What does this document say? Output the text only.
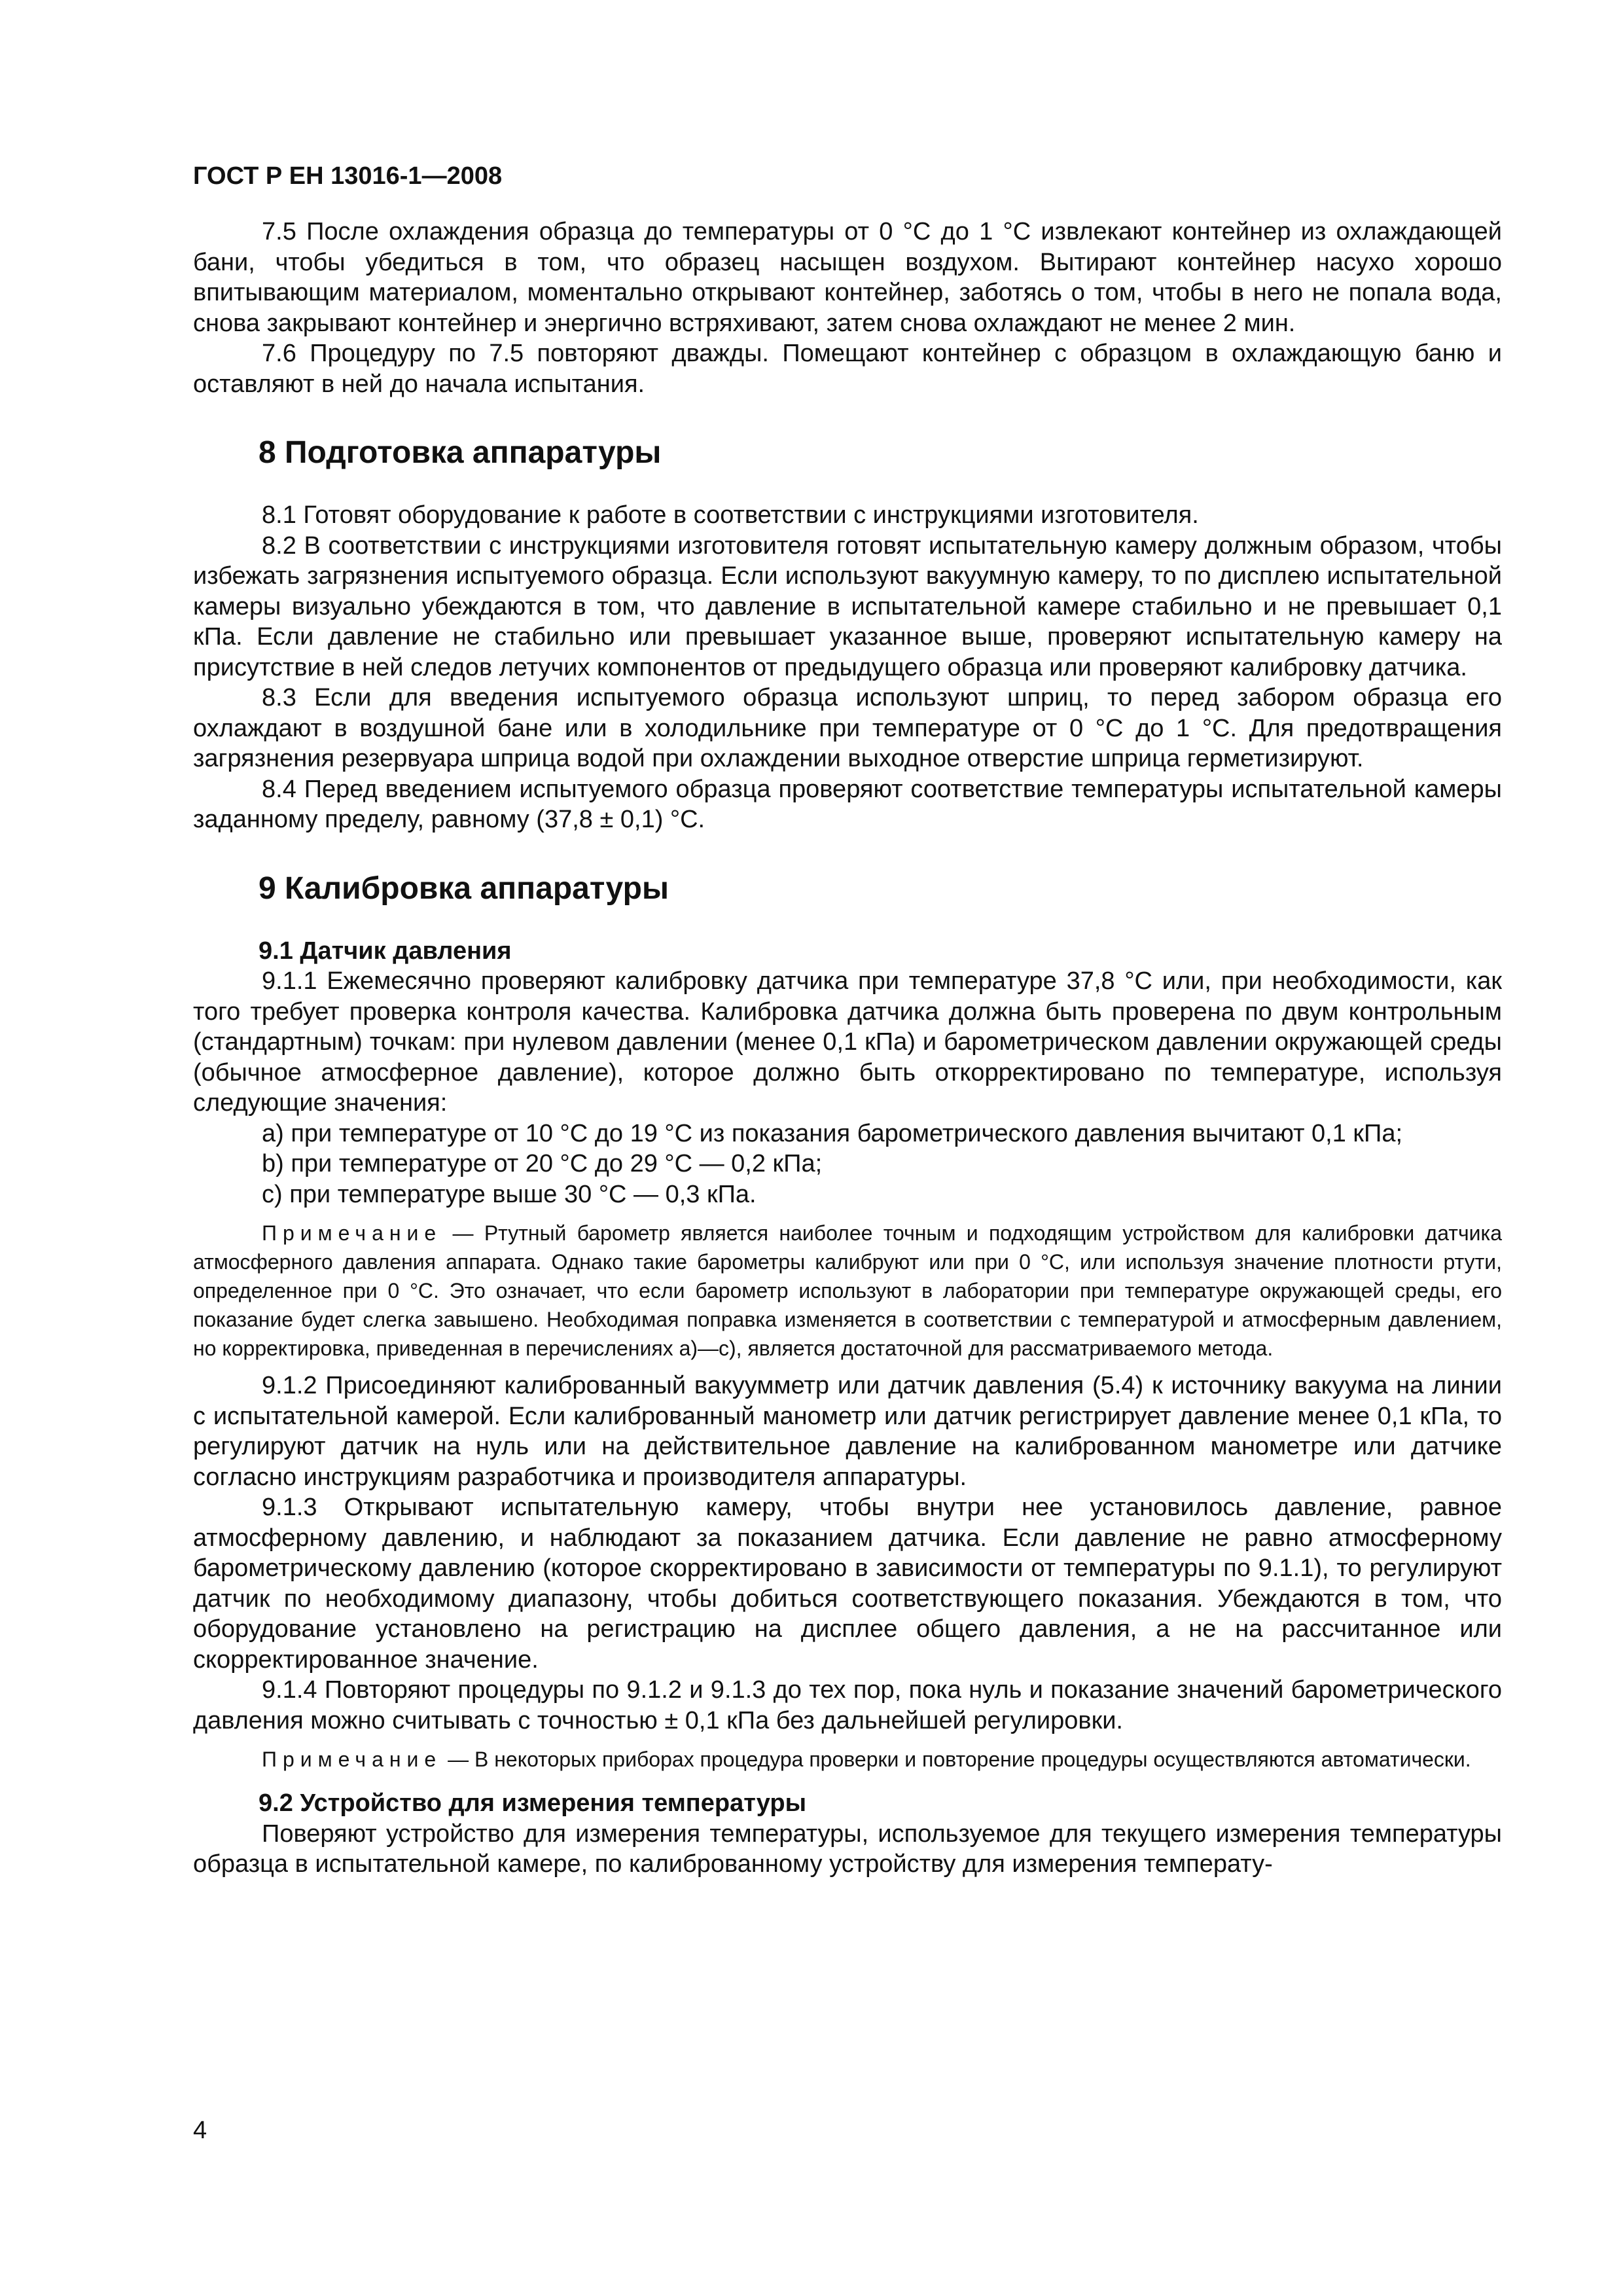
ГОСТ Р ЕН 13016-1—2008

7.5 После охлаждения образца до температуры от 0 °С до 1 °С извлекают контейнер из охлаждающей бани, чтобы убедиться в том, что образец насыщен воздухом. Вытирают контейнер насухо хорошо впитывающим материалом, моментально открывают контейнер, заботясь о том, чтобы в него не попала вода, снова закрывают контейнер и энергично встряхивают, затем снова охлаждают не менее 2 мин.

7.6 Процедуру по 7.5 повторяют дважды. Помещают контейнер с образцом в охлаждающую баню и оставляют в ней до начала испытания.

8 Подготовка аппаратуры

8.1 Готовят оборудование к работе в соответствии с инструкциями изготовителя.

8.2 В соответствии с инструкциями изготовителя готовят испытательную камеру должным образом, чтобы избежать загрязнения испытуемого образца. Если используют вакуумную камеру, то по дисплею испытательной камеры визуально убеждаются в том, что давление в испытательной камере стабильно и не превышает 0,1 кПа. Если давление не стабильно или превышает указанное выше, проверяют испытательную камеру на присутствие в ней следов летучих компонентов от предыдущего образца или проверяют калибровку датчика.

8.3 Если для введения испытуемого образца используют шприц, то перед забором образца его охлаждают в воздушной бане или в холодильнике при температуре от 0 °С до 1 °С. Для предотвращения загрязнения резервуара шприца водой при охлаждении выходное отверстие шприца герметизируют.

8.4 Перед введением испытуемого образца проверяют соответствие температуры испытательной камеры заданному пределу, равному (37,8 ± 0,1) °С.

9 Калибровка аппаратуры
9.1 Датчик давления

9.1.1 Ежемесячно проверяют калибровку датчика при температуре 37,8 °С или, при необходимости, как того требует проверка контроля качества. Калибровка датчика должна быть проверена по двум контрольным (стандартным) точкам: при нулевом давлении (менее 0,1 кПа) и барометрическом давлении окружающей среды (обычное атмосферное давление), которое должно быть откорректировано по температуре, используя следующие значения:

a) при температуре от 10 °С до 19 °С из показания барометрического давления вычитают 0,1 кПа;

b) при температуре от 20 °С до 29 °С — 0,2 кПа;

c) при температуре выше 30 °С — 0,3 кПа.

Примечание — Ртутный барометр является наиболее точным и подходящим устройством для калибровки датчика атмосферного давления аппарата. Однако такие барометры калибруют или при 0 °С, или используя значение плотности ртути, определенное при 0 °С. Это означает, что если барометр используют в лаборатории при температуре окружающей среды, его показание будет слегка завышено. Необходимая поправка изменяется в соответствии с температурой и атмосферным давлением, но корректировка, приведенная в перечислениях а)—с), является достаточной для рассматриваемого метода.

9.1.2 Присоединяют калиброванный вакуумметр или датчик давления (5.4) к источнику вакуума на линии с испытательной камерой. Если калиброванный манометр или датчик регистрирует давление менее 0,1 кПа, то регулируют датчик на нуль или на действительное давление на калиброванном манометре или датчике согласно инструкциям разработчика и производителя аппаратуры.

9.1.3 Открывают испытательную камеру, чтобы внутри нее установилось давление, равное атмосферному давлению, и наблюдают за показанием датчика. Если давление не равно атмосферному барометрическому давлению (которое скорректировано в зависимости от температуры по 9.1.1), то регулируют датчик по необходимому диапазону, чтобы добиться соответствующего показания. Убеждаются в том, что оборудование установлено на регистрацию на дисплее общего давления, а не на рассчитанное или скорректированное значение.

9.1.4 Повторяют процедуры по 9.1.2 и 9.1.3 до тех пор, пока нуль и показание значений барометрического давления можно считывать с точностью ± 0,1 кПа без дальнейшей регулировки.

Примечание — В некоторых приборах процедура проверки и повторение процедуры осуществляются автоматически.
9.2 Устройство для измерения температуры

Поверяют устройство для измерения температуры, используемое для текущего измерения температуры образца в испытательной камере, по калиброванному устройству для измерения температу-

4
